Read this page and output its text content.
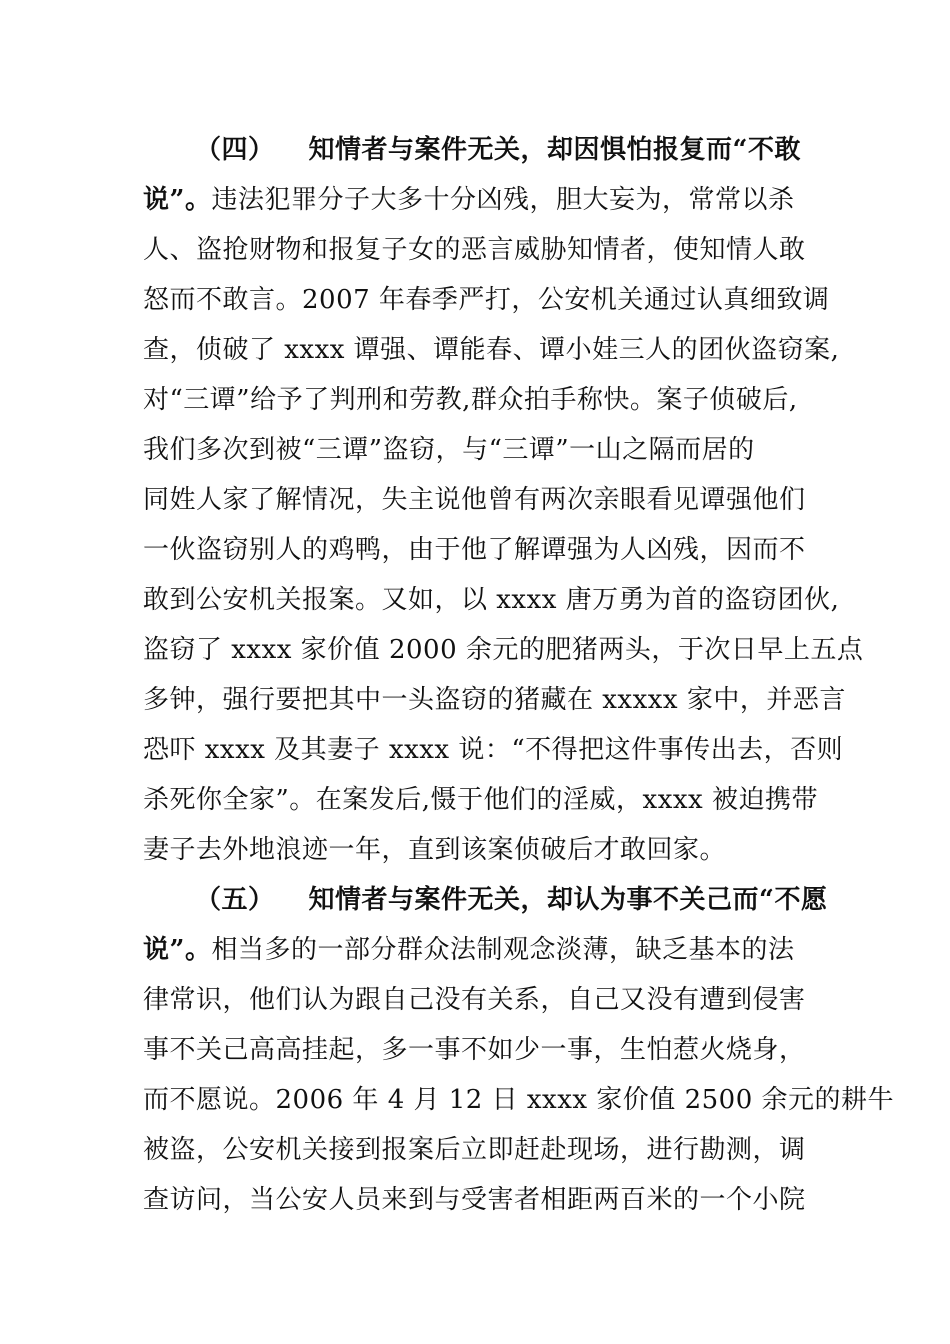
（四） 知情者与案件无关，却因惧怕报复而“不敢
说”。违法犯罪分子大多十分凶残，胆大妄为，常常以杀
人、盗抢财物和报复子女的恶言威胁知情者，使知情人敢
怒而不敢言。2007 年春季严打，公安机关通过认真细致调
查，侦破了 xxxx 谭强、谭能春、谭小娃三人的团伙盗窃案,
对“三谭”给予了判刑和劳教,群众拍手称快。案子侦破后,
我们多次到被“三谭”盗窃，与“三谭”一山之隔而居的
同姓人家了解情况，失主说他曾有两次亲眼看见谭强他们
一伙盗窃别人的鸡鸭，由于他了解谭强为人凶残，因而不
敢到公安机关报案。又如，以 xxxx 唐万勇为首的盗窃团伙,
盗窃了 xxxx 家价值 2000 余元的肥猪两头，于次日早上五点
多钟，强行要把其中一头盗窃的猪藏在 xxxxx 家中，并恶言
恐吓 xxxx 及其妻子 xxxx 说：“不得把这件事传出去，否则
杀死你全家”。在案发后,慑于他们的淫威，xxxx 被迫携带
妻子去外地浪迹一年，直到该案侦破后才敢回家。
（五） 知情者与案件无关，却认为事不关己而“不愿
说”。相当多的一部分群众法制观念淡薄，缺乏基本的法
律常识，他们认为跟自己没有关系，自己又没有遭到侵害
事不关己高高挂起，多一事不如少一事，生怕惹火烧身，
而不愿说。2006 年 4 月 12 日 xxxx 家价值 2500 余元的耕牛
被盗，公安机关接到报案后立即赶赴现场，进行勘测，调
查访问，当公安人员来到与受害者相距两百米的一个小院
